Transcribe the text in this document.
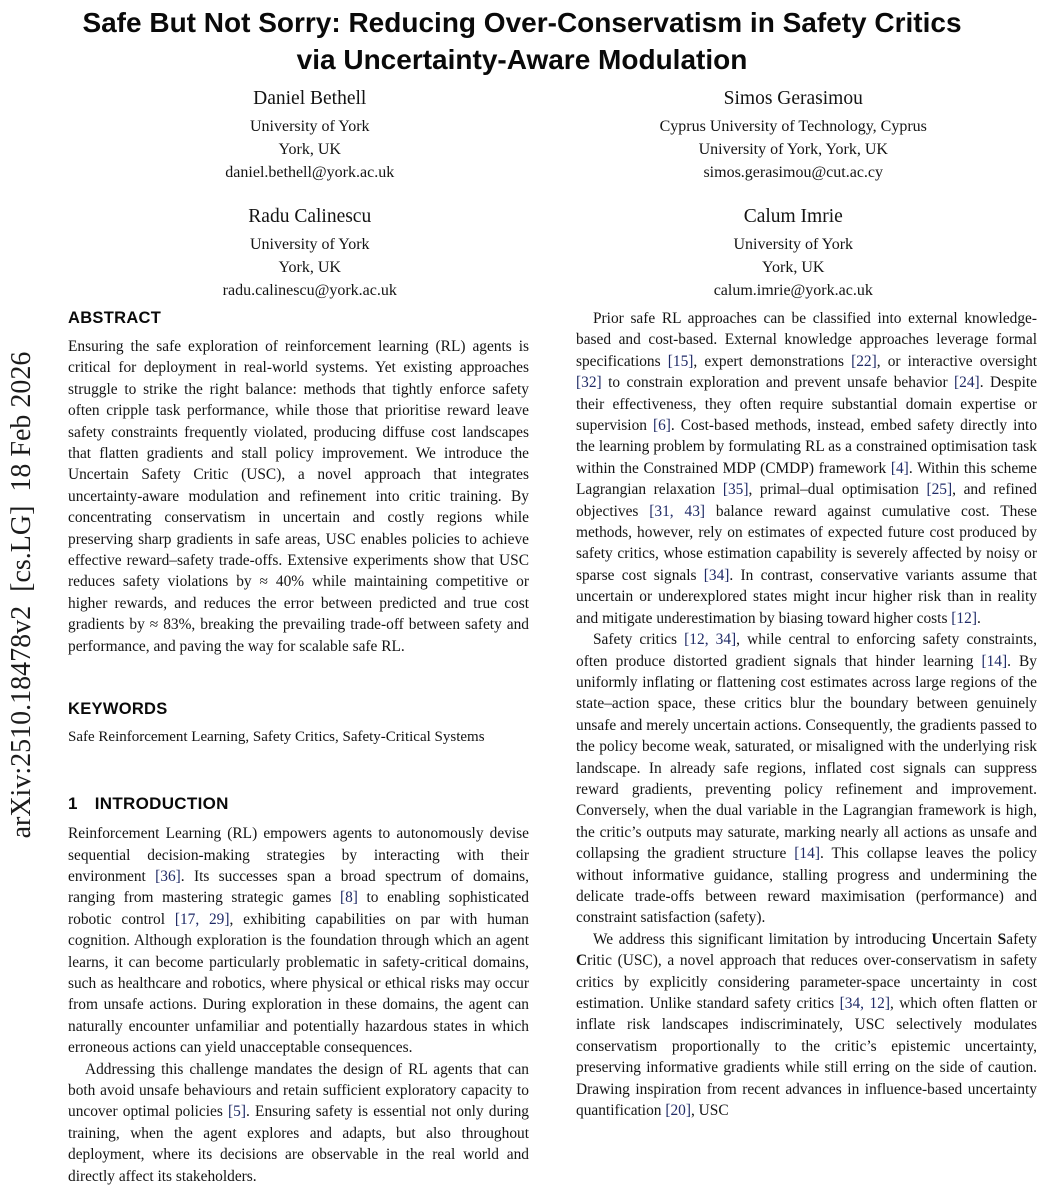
arXiv:2510.18478v2  [cs.LG]  18 Feb 2026
Safe But Not Sorry: Reducing Over-Conservatism in Safety Critics
via Uncertainty-Aware Modulation
Daniel Bethell
University of York
York, UK
daniel.bethell@york.ac.uk
Simos Gerasimou
Cyprus University of Technology, Cyprus
University of York, York, UK
simos.gerasimou@cut.ac.cy
Radu Calinescu
University of York
York, UK
radu.calinescu@york.ac.uk
Calum Imrie
University of York
York, UK
calum.imrie@york.ac.uk
ABSTRACT

Ensuring the safe exploration of reinforcement learning (RL) agents is critical for deployment in real-world systems. Yet existing approaches struggle to strike the right balance: methods that tightly enforce safety often cripple task performance, while those that prioritise reward leave safety constraints frequently violated, producing diffuse cost landscapes that flatten gradients and stall policy improvement. We introduce the Uncertain Safety Critic (USC), a novel approach that integrates uncertainty-aware modulation and refinement into critic training. By concentrating conservatism in uncertain and costly regions while preserving sharp gradients in safe areas, USC enables policies to achieve effective reward–safety trade-offs. Extensive experiments show that USC reduces safety violations by ≈ 40% while maintaining competitive or higher rewards, and reduces the error between predicted and true cost gradients by ≈ 83%, breaking the prevailing trade-off between safety and performance, and paving the way for scalable safe RL.

KEYWORDS

Safe Reinforcement Learning, Safety Critics, Safety-Critical Systems

1 INTRODUCTION

Reinforcement Learning (RL) empowers agents to autonomously devise sequential decision-making strategies by interacting with their environment [36]. Its successes span a broad spectrum of domains, ranging from mastering strategic games [8] to enabling sophisticated robotic control [17, 29], exhibiting capabilities on par with human cognition. Although exploration is the foundation through which an agent learns, it can become particularly problematic in safety-critical domains, such as healthcare and robotics, where physical or ethical risks may occur from unsafe actions. During exploration in these domains, the agent can naturally encounter unfamiliar and potentially hazardous states in which erroneous actions can yield unacceptable consequences.

Addressing this challenge mandates the design of RL agents that can both avoid unsafe behaviours and retain sufficient exploratory capacity to uncover optimal policies [5]. Ensuring safety is essential not only during training, when the agent explores and adapts, but also throughout deployment, where its decisions are observable in the real world and directly affect its stakeholders.

Prior safe RL approaches can be classified into external knowledge-based and cost-based. External knowledge approaches leverage formal specifications [15], expert demonstrations [22], or interactive oversight [32] to constrain exploration and prevent unsafe behavior [24]. Despite their effectiveness, they often require substantial domain expertise or supervision [6]. Cost-based methods, instead, embed safety directly into the learning problem by formulating RL as a constrained optimisation task within the Constrained MDP (CMDP) framework [4]. Within this scheme Lagrangian relaxation [35], primal–dual optimisation [25], and refined objectives [31, 43] balance reward against cumulative cost. These methods, however, rely on estimates of expected future cost produced by safety critics, whose estimation capability is severely affected by noisy or sparse cost signals [34]. In contrast, conservative variants assume that uncertain or underexplored states might incur higher risk than in reality and mitigate underestimation by biasing toward higher costs [12].

Safety critics [12, 34], while central to enforcing safety constraints, often produce distorted gradient signals that hinder learning [14]. By uniformly inflating or flattening cost estimates across large regions of the state–action space, these critics blur the boundary between genuinely unsafe and merely uncertain actions. Consequently, the gradients passed to the policy become weak, saturated, or misaligned with the underlying risk landscape. In already safe regions, inflated cost signals can suppress reward gradients, preventing policy refinement and improvement. Conversely, when the dual variable in the Lagrangian framework is high, the critic’s outputs may saturate, marking nearly all actions as unsafe and collapsing the gradient structure [14]. This collapse leaves the policy without informative guidance, stalling progress and undermining the delicate trade-offs between reward maximisation (performance) and constraint satisfaction (safety).

We address this significant limitation by introducing Uncertain Safety Critic (USC), a novel approach that reduces over-conservatism in safety critics by explicitly considering parameter-space uncertainty in cost estimation. Unlike standard safety critics [34, 12], which often flatten or inflate risk landscapes indiscriminately, USC selectively modulates conservatism proportionally to the critic’s epistemic uncertainty, preserving informative gradients while still erring on the side of caution. Drawing inspiration from recent advances in influence-based uncertainty quantification [20], USC
